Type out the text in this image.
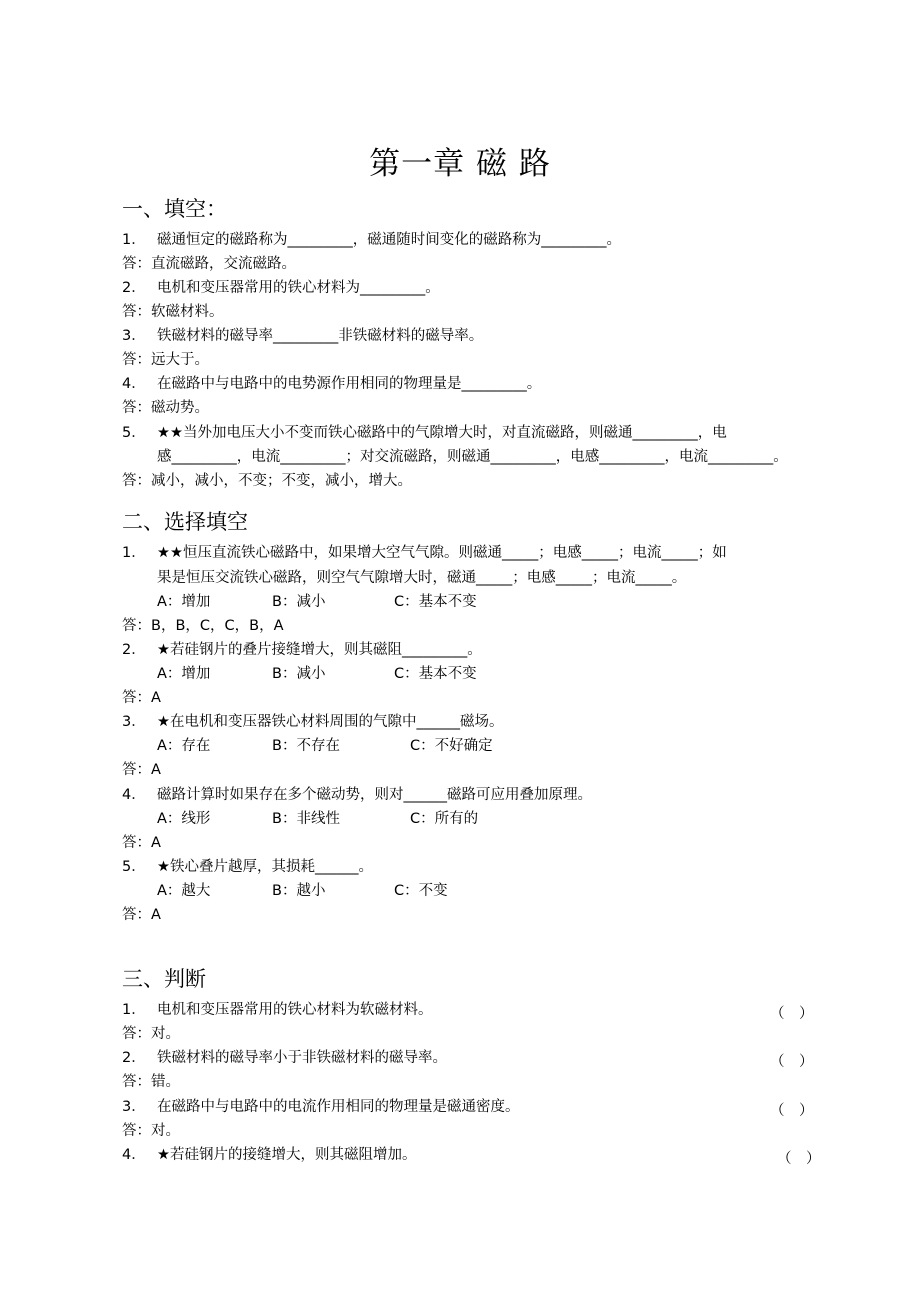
第一章 磁 路
一、填空：
1． 磁通恒定的磁路称为_________，磁通随时间变化的磁路称为_________。
答：直流磁路，交流磁路。
2． 电机和变压器常用的铁心材料为_________。
答：软磁材料。
3． 铁磁材料的磁导率_________非铁磁材料的磁导率。
答：远大于。
4． 在磁路中与电路中的电势源作用相同的物理量是_________。
答：磁动势。
5． ★★当外加电压大小不变而铁心磁路中的气隙增大时，对直流磁路，则磁通_________，电
感_________，电流_________；对交流磁路，则磁通_________，电感_________，电流_________。
答：减小，减小，不变；不变，减小，增大。
二、选择填空
1． ★★恒压直流铁心磁路中，如果增大空气气隙。则磁通_____；电感_____；电流_____；如
果是恒压交流铁心磁路，则空气气隙增大时，磁通_____；电感_____；电流_____。
A：增加	B：减小	C：基本不变
答：B，B，C，C，B，A
2． ★若硅钢片的叠片接缝增大，则其磁阻_________。
A：增加	B：减小	C：基本不变
答：A
3． ★在电机和变压器铁心材料周围的气隙中______磁场。
A：存在	B：不存在	C：不好确定
答：A
4． 磁路计算时如果存在多个磁动势，则对______磁路可应用叠加原理。
A：线形	B：非线性	C：所有的
答：A
5． ★铁心叠片越厚，其损耗______。
A：越大	B：越小	C：不变
答：A
三、判断
1． 电机和变压器常用的铁心材料为软磁材料。	（　）
答：对。
2． 铁磁材料的磁导率小于非铁磁材料的磁导率。	（　）
答：错。
3． 在磁路中与电路中的电流作用相同的物理量是磁通密度。	（　）
答：对。
4． ★若硅钢片的接缝增大，则其磁阻增加。	（　）
